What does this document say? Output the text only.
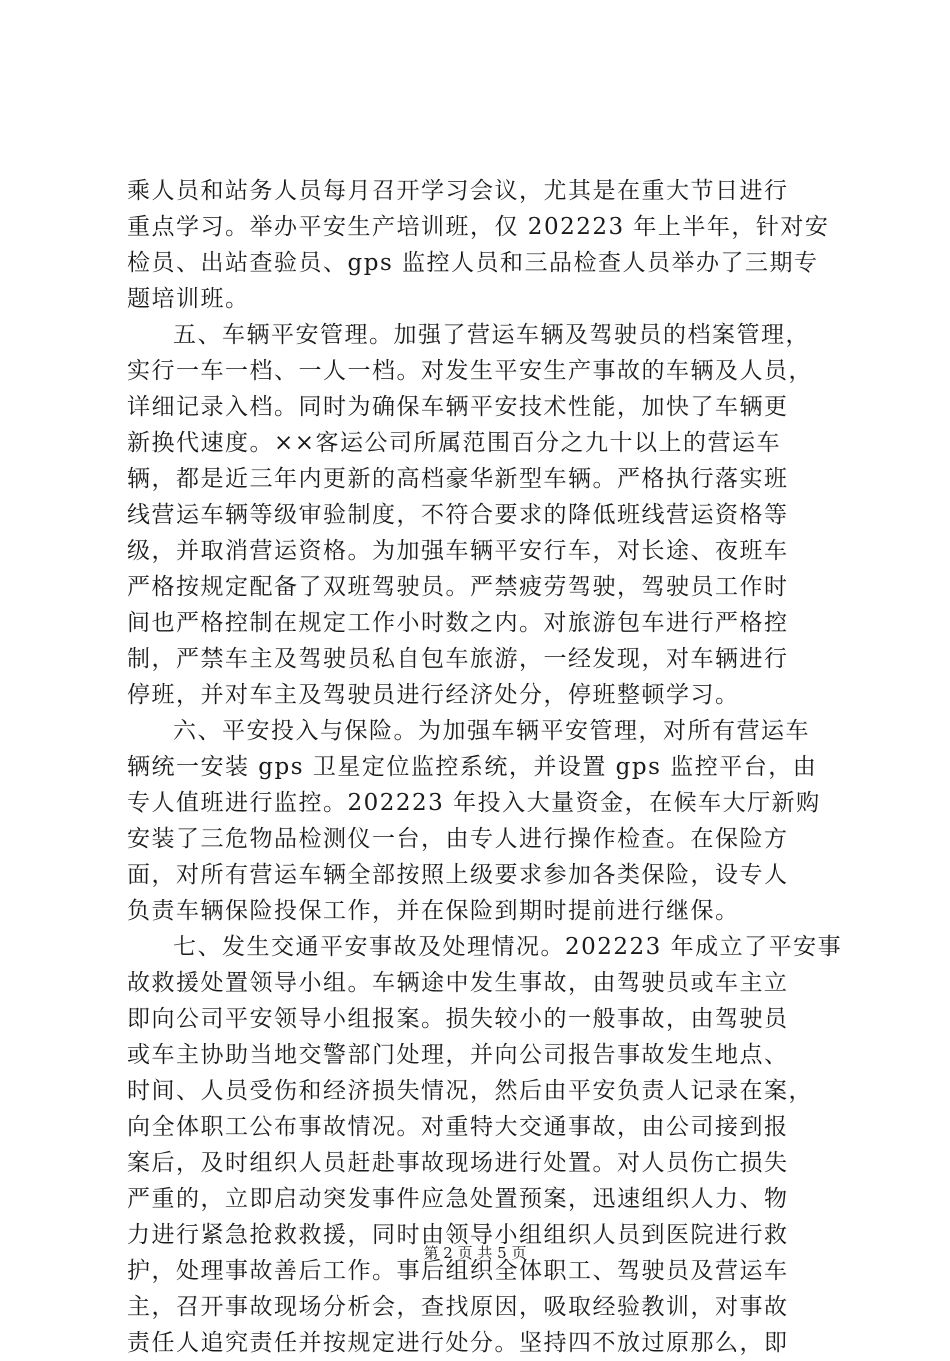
乘人员和站务人员每月召开学习会议，尤其是在重大节日进行
重点学习。举办平安生产培训班，仅 202223 年上半年，针对安
检员、出站查验员、gps 监控人员和三品检查人员举办了三期专
题培训班。
五、车辆平安管理。加强了营运车辆及驾驶员的档案管理，
实行一车一档、一人一档。对发生平安生产事故的车辆及人员，
详细记录入档。同时为确保车辆平安技术性能，加快了车辆更
新换代速度。××客运公司所属范围百分之九十以上的营运车
辆，都是近三年内更新的高档豪华新型车辆。严格执行落实班
线营运车辆等级审验制度，不符合要求的降低班线营运资格等
级，并取消营运资格。为加强车辆平安行车，对长途、夜班车
严格按规定配备了双班驾驶员。严禁疲劳驾驶，驾驶员工作时
间也严格控制在规定工作小时数之内。对旅游包车进行严格控
制，严禁车主及驾驶员私自包车旅游，一经发现，对车辆进行
停班，并对车主及驾驶员进行经济处分，停班整顿学习。
六、平安投入与保险。为加强车辆平安管理，对所有营运车
辆统一安装 gps 卫星定位监控系统，并设置 gps 监控平台，由
专人值班进行监控。202223 年投入大量资金，在候车大厅新购
安装了三危物品检测仪一台，由专人进行操作检查。在保险方
面，对所有营运车辆全部按照上级要求参加各类保险，设专人
负责车辆保险投保工作，并在保险到期时提前进行继保。
七、发生交通平安事故及处理情况。202223 年成立了平安事
故救援处置领导小组。车辆途中发生事故，由驾驶员或车主立
即向公司平安领导小组报案。损失较小的一般事故，由驾驶员
或车主协助当地交警部门处理，并向公司报告事故发生地点、
时间、人员受伤和经济损失情况，然后由平安负责人记录在案，
向全体职工公布事故情况。对重特大交通事故，由公司接到报
案后，及时组织人员赶赴事故现场进行处置。对人员伤亡损失
严重的，立即启动突发事件应急处置预案，迅速组织人力、物
力进行紧急抢救救援，同时由领导小组组织人员到医院进行救
护，处理事故善后工作。事后组织全体职工、驾驶员及营运车
主，召开事故现场分析会，查找原因，吸取经验教训，对事故
责任人追究责任并按规定进行处分。坚持四不放过原那么，即
第 2 页 共 5 页
